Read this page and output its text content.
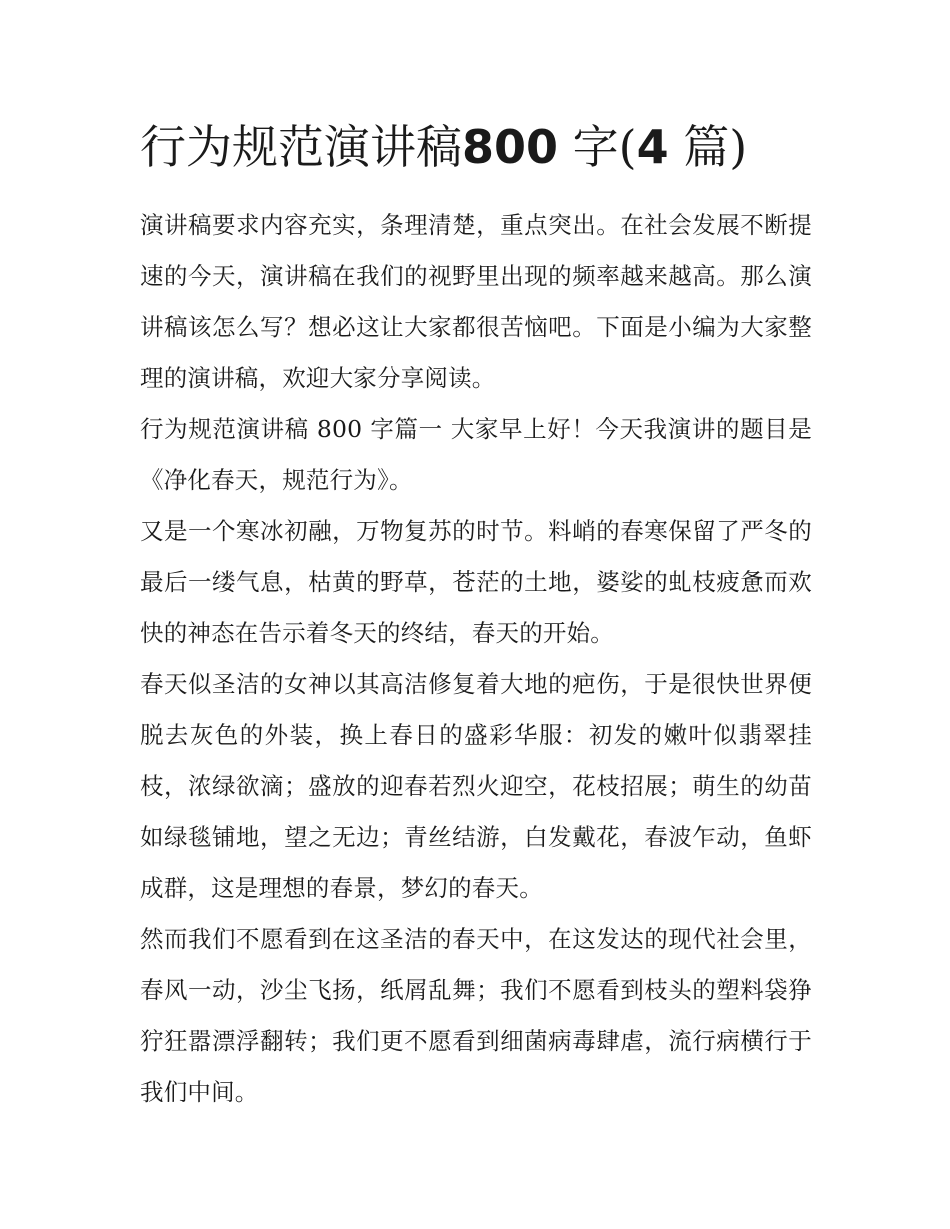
行为规范演讲稿800 字(4 篇)

演讲稿要求内容充实，条理清楚，重点突出。在社会发展不断提速的今天，演讲稿在我们的视野里出现的频率越来越高。那么演讲稿该怎么写？想必这让大家都很苦恼吧。下面是小编为大家整理的演讲稿，欢迎大家分享阅读。

行为规范演讲稿 800 字篇一 大家早上好！今天我演讲的题目是《净化春天，规范行为》。

又是一个寒冰初融，万物复苏的时节。料峭的春寒保留了严冬的最后一缕气息，枯黄的野草，苍茫的土地，婆娑的虬枝疲惫而欢快的神态在告示着冬天的终结，春天的开始。

春天似圣洁的女神以其高洁修复着大地的疤伤，于是很快世界便脱去灰色的外装，换上春日的盛彩华服：初发的嫩叶似翡翠挂枝，浓绿欲滴；盛放的迎春若烈火迎空，花枝招展；萌生的幼苗如绿毯铺地，望之无边；青丝结游，白发戴花，春波乍动，鱼虾成群，这是理想的春景，梦幻的春天。

然而我们不愿看到在这圣洁的春天中，在这发达的现代社会里，春风一动，沙尘飞扬，纸屑乱舞；我们不愿看到枝头的塑料袋狰狞狂嚣漂浮翻转；我们更不愿看到细菌病毒肆虐，流行病横行于我们中间。
